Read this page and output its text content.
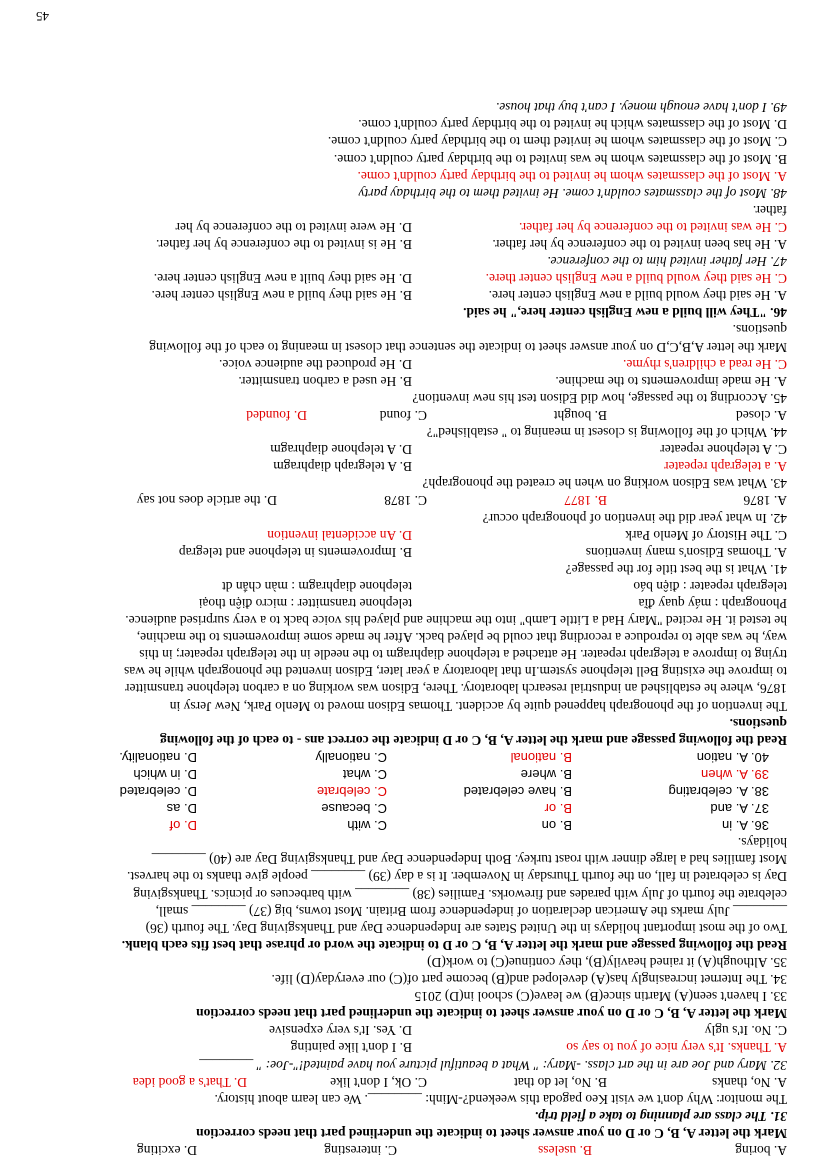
A. boring
B. useless
C. interesting
D. exciting
Mark the letter A, B, C or D on your answer sheet to indicate the underlined part that needs correction
31. The class are planning to take a field trip.
The monitor: Why don't we visit Keo pagoda this weekend?-Minh: ________. We can learn about history.
A. No, thanks
B. No, let do that
C. Ok, I don't like
D. That's a good idea
32. Mary and Joe are in the art class. -Mary: " What a beautiful picture you have painted!"-Joe: " ________
A. Thanks. It's very nice of you to say so
B. I don't like painting
C. No. It's ugly
D. Yes. It's very expensive
Mark the letter A, B, C or D on your answer sheet to indicate the underlined part that needs correction
33. I haven't seen(A) Martin since(B) we leave(C) school in(D) 2015
34. The Internet increasingly has(A) developed and(B) become part of(C) our everyday(D) life.
35. Although(A) it rained heavily(B), they continue(C) to work(D)
Read the following passage and mark the letter A, B, C or D to indicate the word or phrase that best fits each blank.
Two of the most important holidays in the United States are Independence Day and Thanksgiving Day. The fourth (36)
________ July marks the American declaration of independence from Britain. Most towns, big (37) ________ small,
celebrate the fourth of July with parades and fireworks. Families (38) ________ with barbecues or picnics. Thanksgiving
Day is celebrated in fall, on the fourth Thursday in November. It is a day (39) ________ people give thanks to the harvest.
Most families had a large dinner with roast turkey. Both Independence Day and Thanksgiving Day are (40) ________
holidays.
36. A. in
B. on
C. with
D. of
37. A. and
B. or
C. because
D. as
38. A. celebrating
B. have celebrated
C. celebrate
D. celebrated
39. A. when
B. where
C. what
D. in which
40. A. nation
B. national
C. nationally
D. nationality.
Read the following passage and mark the letter A, B, C or D indicate the correct ans - to each of the following
questions.
The invention of the phonograph happened quite by accident. Thomas Edison moved to Menlo Park, New Jersy in
1876, where he established an industrial research laboratory. There, Edison was working on a carbon telephone transmitter
to improve the existing Bell telephone system.In that laboratory a year later, Edison invented the phonograph while he was
trying to improve a telegraph repeater. He attached a telephone diaphragm to the needle in the telegraph repeater; in this
way, he was able to reproduce a recording that could be played back. After he made some improvements to the machine,
he tested it. He recited "Mary Had a Little Lamb" into the machine and played his voice back to a very surprised audience.
Phonograph : máy quay đĩa
telephone transmitter : micro điện thoại
telegraph repeater : điện báo
telephone diaphragm : màn chắn dt
41. What is the best title for the passage?
A. Thomas Edison's many inventions
B. Improvements in telephone and telegrap
C. The History of Menlo Park
D. An accidental invention
42. In what year did the invention of phonograph occur?
A. 1876
B. 1877
C. 1878
D. the article does not say
43. What was Edison working on when he created the phonograph?
A. a telegraph repeater
B. A telegraph diaphragm
C. A telephone repeater
D. A telephone diaphragm
44. Which of the following is closest in meaning to " established"?
A. closed
B. bought
C. found
D. founded
45. According to the passage, how did Edison test his new invention?
A. He made improvements to the machine.
B. He used a carbon transmitter.
C. He read a children's rhyme.
D. He produced the audience voice.
Mark the letter A,B,C,D on your answer sheet to indicate the sentence that closest in meaning to each of the following
questions.
46. "They will build a new English center here," he said.
A. He said they would build a new English center here.
B. He said they build a new English center here.
C. He said they would build a new English center there.
D. He said they built a new English center here.
47. Her father invited him to the conference.
A. He has been invited to the conference by her father.
B. He is invited to the conference by her father.
C. He was invited to the conference by her father.
D. He were invited to the conference by her
father.
48. Most of the classmates couldn't come. He invited them to the birthday party
A. Most of the classmates whom he invited to the birthday party couldn't come.
B. Most of the classmates whom he was invited to the birthday party couldn't come.
C. Most of the classmates whom he invited them to the birthday party couldn't come.
D. Most of the classmates which he invited to the birthday party couldn't come.
49. I don't have enough money. I can't buy that house.
45
